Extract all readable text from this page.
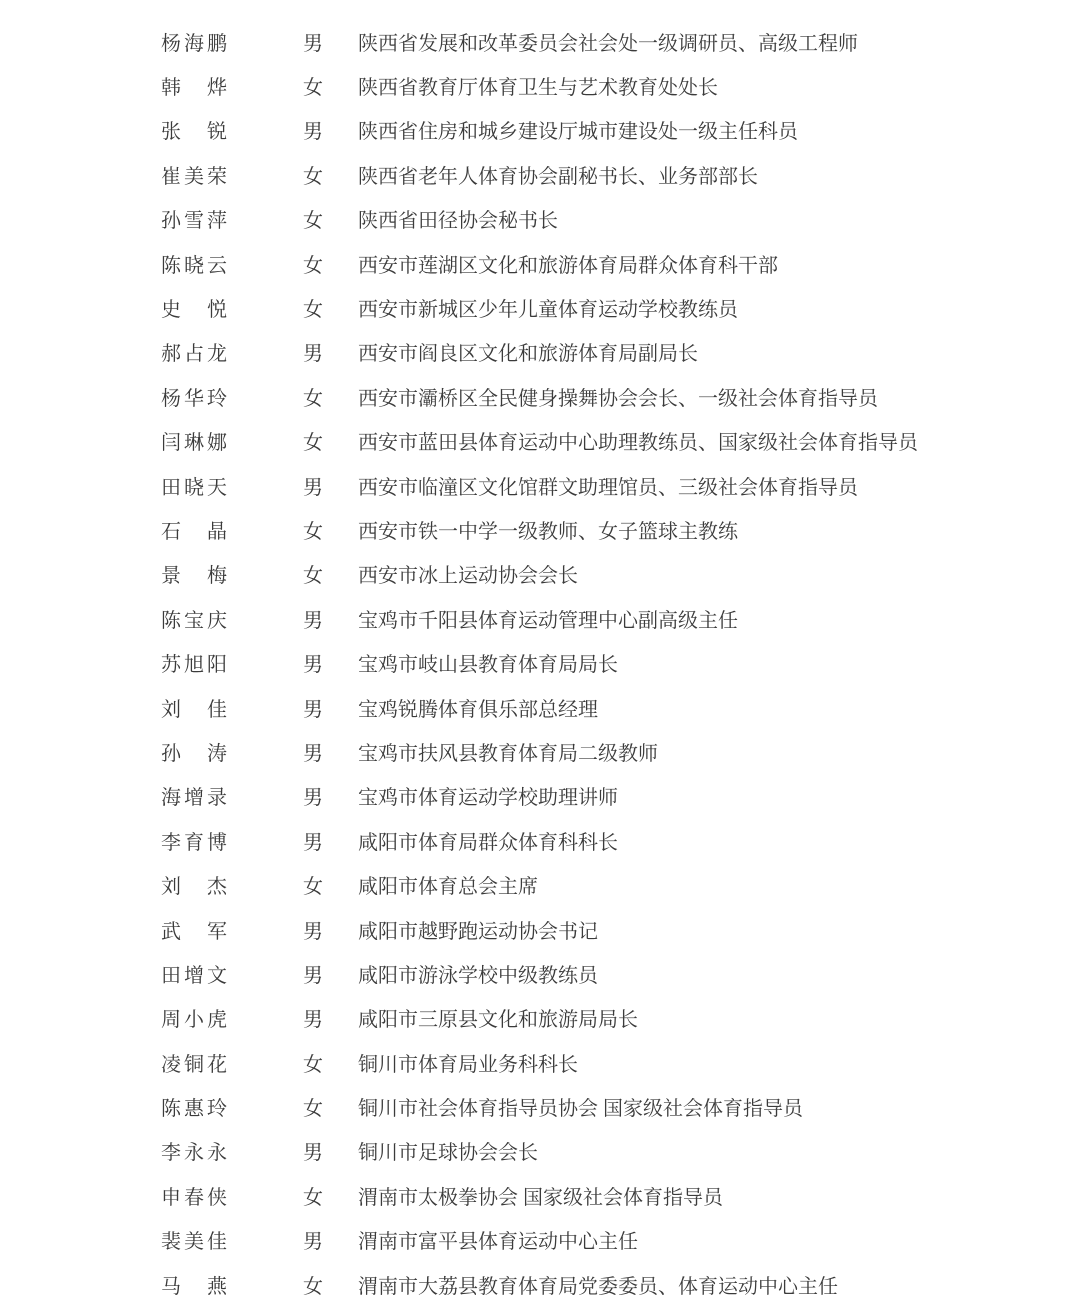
杨 海 鹏	男 陕西省发展和改革委员会社会处一级调研员、高级工程师
韩 烨	女 陕西省教育厅体育卫生与艺术教育处处长
张 锐	男 陕西省住房和城乡建设厅城市建设处一级主任科员
崔 美 荣	女 陕西省老年人体育协会副秘书长、业务部部长
孙 雪 萍	女 陕西省田径协会秘书长
陈 晓 云	女 西安市莲湖区文化和旅游体育局群众体育科干部
史 悦	女 西安市新城区少年儿童体育运动学校教练员
郝 占 龙	男 西安市阎良区文化和旅游体育局副局长
杨 华 玲	女 西安市灞桥区全民健身操舞协会会长、一级社会体育指导员
闫 琳 娜	女 西安市蓝田县体育运动中心助理教练员、国家级社会体育指导员
田 晓 天	男 西安市临潼区文化馆群文助理馆员、三级社会体育指导员
石 晶	女 西安市铁一中学一级教师、女子篮球主教练
景 梅	女 西安市冰上运动协会会长
陈 宝 庆	男 宝鸡市千阳县体育运动管理中心副高级主任
苏 旭 阳	男 宝鸡市岐山县教育体育局局长
刘 佳	男 宝鸡锐腾体育俱乐部总经理
孙 涛	男 宝鸡市扶风县教育体育局二级教师
海 增 录	男 宝鸡市体育运动学校助理讲师
李 育 博	男 咸阳市体育局群众体育科科长
刘 杰	女 咸阳市体育总会主席
武 军	男 咸阳市越野跑运动协会书记
田 增 文	男 咸阳市游泳学校中级教练员
周 小 虎	男 咸阳市三原县文化和旅游局局长
凌 铜 花	女 铜川市体育局业务科科长
陈 惠 玲	女 铜川市社会体育指导员协会 国家级社会体育指导员
李 永 永	男 铜川市足球协会会长
申 春 侠	女 渭南市太极拳协会 国家级社会体育指导员
裴 美 佳	男 渭南市富平县体育运动中心主任
马 燕	女 渭南市大荔县教育体育局党委委员、体育运动中心主任
